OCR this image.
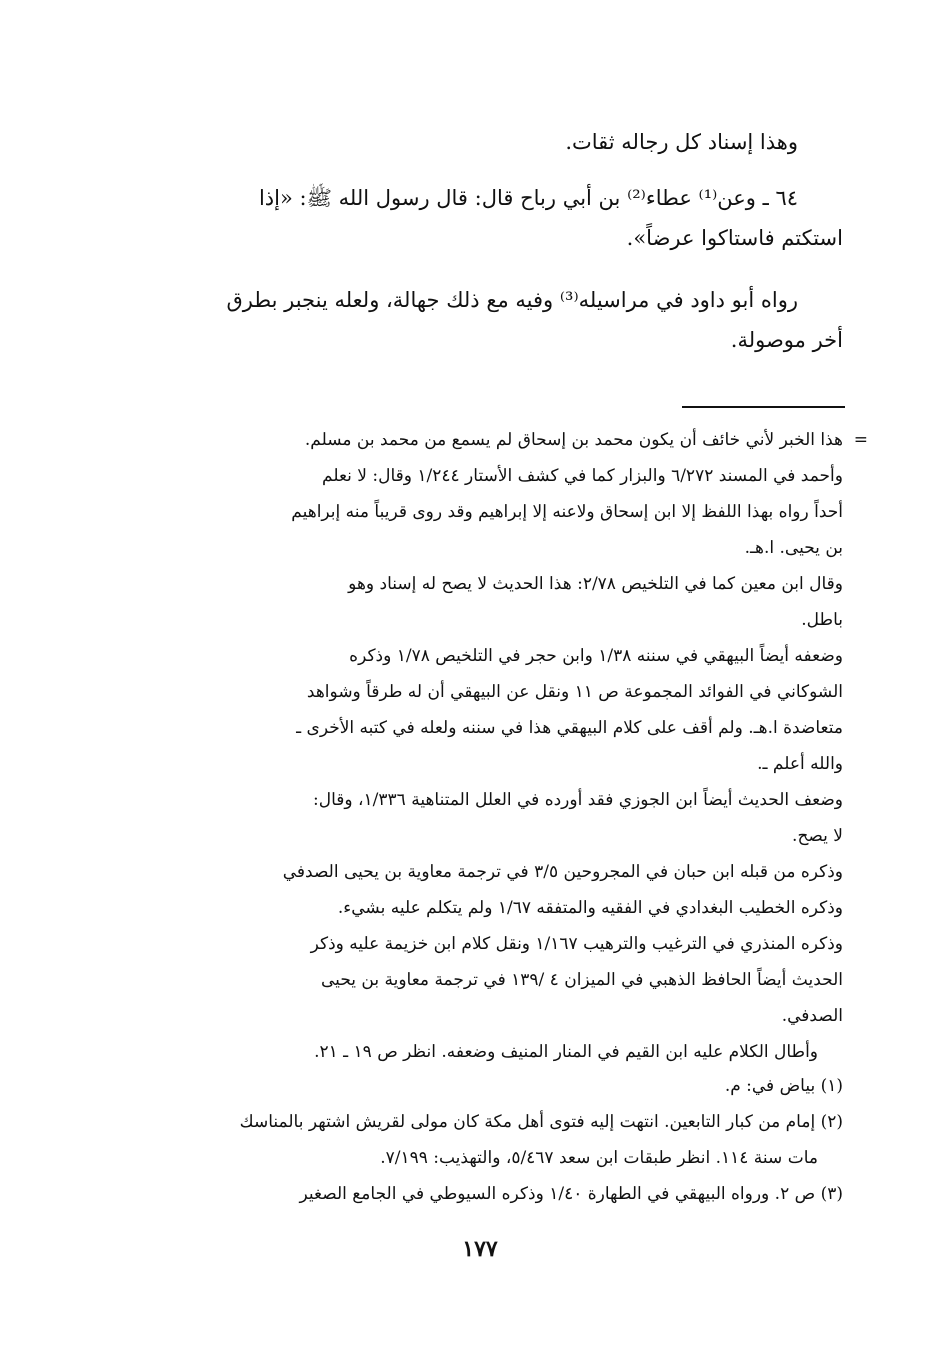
وهذا إسناد كل رجاله ثقات.

٦٤ ـ وعن⁽¹⁾ عطاء⁽²⁾ بن أبي رباح قال: قال رسول الله ﷺ: «إذا

استكتم فاستاكوا عرضاً».

رواه أبو داود في مراسيله⁽³⁾ وفيه مع ذلك جهالة، ولعله ينجبر بطرق

أخر موصولة.

=

هذا الخبر لأني خائف أن يكون محمد بن إسحاق لم يسمع من محمد بن مسلم.

وأحمد في المسند ٦/٢٧٢ والبزار كما في كشف الأستار ١/٢٤٤ وقال: لا نعلم

أحداً رواه بهذا اللفظ إلا ابن إسحاق ولاعنه إلا إبراهيم وقد روى قريباً منه إبراهيم

بن يحيى. ا.هـ.

وقال ابن معين كما في التلخيص ٢/٧٨: هذا الحديث لا يصح له إسناد وهو

باطل.

وضعفه أيضاً البيهقي في سننه ١/٣٨ وابن حجر في التلخيص ١/٧٨ وذكره

الشوكاني في الفوائد المجموعة ص ١١ ونقل عن البيهقي أن له طرقاً وشواهد

متعاضدة ا.هـ. ولم أقف على كلام البيهقي هذا في سننه ولعله في كتبه الأخرى ـ

والله أعلم ـ.

وضعف الحديث أيضاً ابن الجوزي فقد أورده في العلل المتناهية ١/٣٣٦، وقال:

لا يصح.

وذكره من قبله ابن حبان في المجروحين ٣/٥ في ترجمة معاوية بن يحيى الصدفي

وذكره الخطيب البغدادي في الفقيه والمتفقه ١/٦٧ ولم يتكلم عليه بشيء.

وذكره المنذري في الترغيب والترهيب ١/١٦٧ ونقل كلام ابن خزيمة عليه وذكر

الحديث أيضاً الحافظ الذهبي في الميزان ٤ /١٣٩ في ترجمة معاوية بن يحيى

الصدفي.

وأطال الكلام عليه ابن القيم في المنار المنيف وضعفه. انظر ص ١٩ ـ ٢١.

(١) بياض في: م.

(٢) إمام من كبار التابعين. انتهت إليه فتوى أهل مكة كان مولى لقريش اشتهر بالمناسك

مات سنة ١١٤. انظر طبقات ابن سعد ٥/٤٦٧، والتهذيب: ٧/١٩٩.

(٣) ص ٢. ورواه البيهقي في الطهارة ١/٤٠ وذكره السيوطي في الجامع الصغير

١٧٧
